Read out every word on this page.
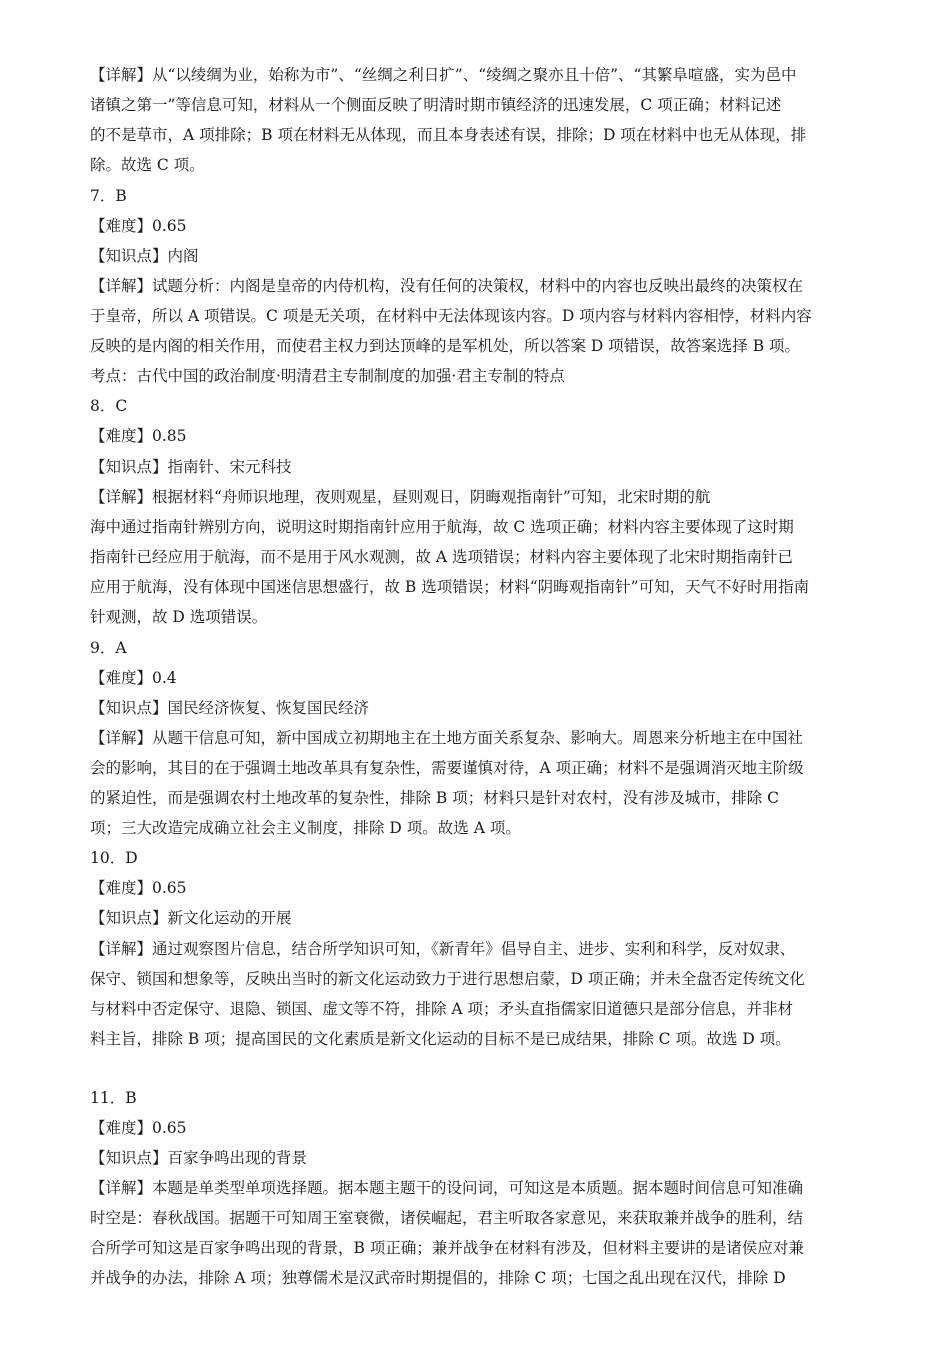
【详解】从“以绫绸为业，始称为市”、“丝绸之利日扩”、“绫绸之聚亦且十倍”、“其繁阜喧盛，实为邑中
诸镇之第一”等信息可知，材料从一个侧面反映了明清时期市镇经济的迅速发展，C 项正确；材料记述
的不是草市，A 项排除；B 项在材料无从体现，而且本身表述有误，排除；D 项在材料中也无从体现，排
除。故选 C 项。
7．B
【难度】0.65
【知识点】内阁
【详解】试题分析：内阁是皇帝的内侍机构，没有任何的决策权，材料中的内容也反映出最终的决策权在
于皇帝，所以 A 项错误。C 项是无关项，在材料中无法体现该内容。D 项内容与材料内容相悖，材料内容
反映的是内阁的相关作用，而使君主权力到达顶峰的是军机处，所以答案 D 项错误，故答案选择 B 项。
考点：古代中国的政治制度·明清君主专制制度的加强·君主专制的特点
8．C
【难度】0.85
【知识点】指南针、宋元科技
【详解】根据材料“舟师识地理，夜则观星，昼则观日，阴晦观指南针”可知，北宋时期的航
海中通过指南针辨别方向，说明这时期指南针应用于航海，故 C 选项正确；材料内容主要体现了这时期
指南针已经应用于航海，而不是用于风水观测，故 A 选项错误；材料内容主要体现了北宋时期指南针已
应用于航海，没有体现中国迷信思想盛行，故 B 选项错误；材料“阴晦观指南针”可知，天气不好时用指南
针观测，故 D 选项错误。
9．A
【难度】0.4
【知识点】国民经济恢复、恢复国民经济
【详解】从题干信息可知，新中国成立初期地主在土地方面关系复杂、影响大。周恩来分析地主在中国社
会的影响，其目的在于强调土地改革具有复杂性，需要谨慎对待，A 项正确；材料不是强调消灭地主阶级
的紧迫性，而是强调农村土地改革的复杂性，排除 B 项；材料只是针对农村，没有涉及城市，排除 C
项；三大改造完成确立社会主义制度，排除 D 项。故选 A 项。
10．D
【难度】0.65
【知识点】新文化运动的开展
【详解】通过观察图片信息，结合所学知识可知，《新青年》倡导自主、进步、实利和科学，反对奴隶、
保守、锁国和想象等，反映出当时的新文化运动致力于进行思想启蒙，D 项正确；并未全盘否定传统文化
与材料中否定保守、退隐、锁国、虚文等不符，排除 A 项；矛头直指儒家旧道德只是部分信息，并非材
料主旨，排除 B 项；提高国民的文化素质是新文化运动的目标不是已成结果，排除 C 项。故选 D 项。
11．B
【难度】0.65
【知识点】百家争鸣出现的背景
【详解】本题是单类型单项选择题。据本题主题干的设问词，可知这是本质题。据本题时间信息可知准确
时空是：春秋战国。据题干可知周王室衰微，诸侯崛起，君主听取各家意见，来获取兼并战争的胜利，结
合所学可知这是百家争鸣出现的背景，B 项正确；兼并战争在材料有涉及，但材料主要讲的是诸侯应对兼
并战争的办法，排除 A 项；独尊儒术是汉武帝时期提倡的，排除 C 项；七国之乱出现在汉代，排除 D
